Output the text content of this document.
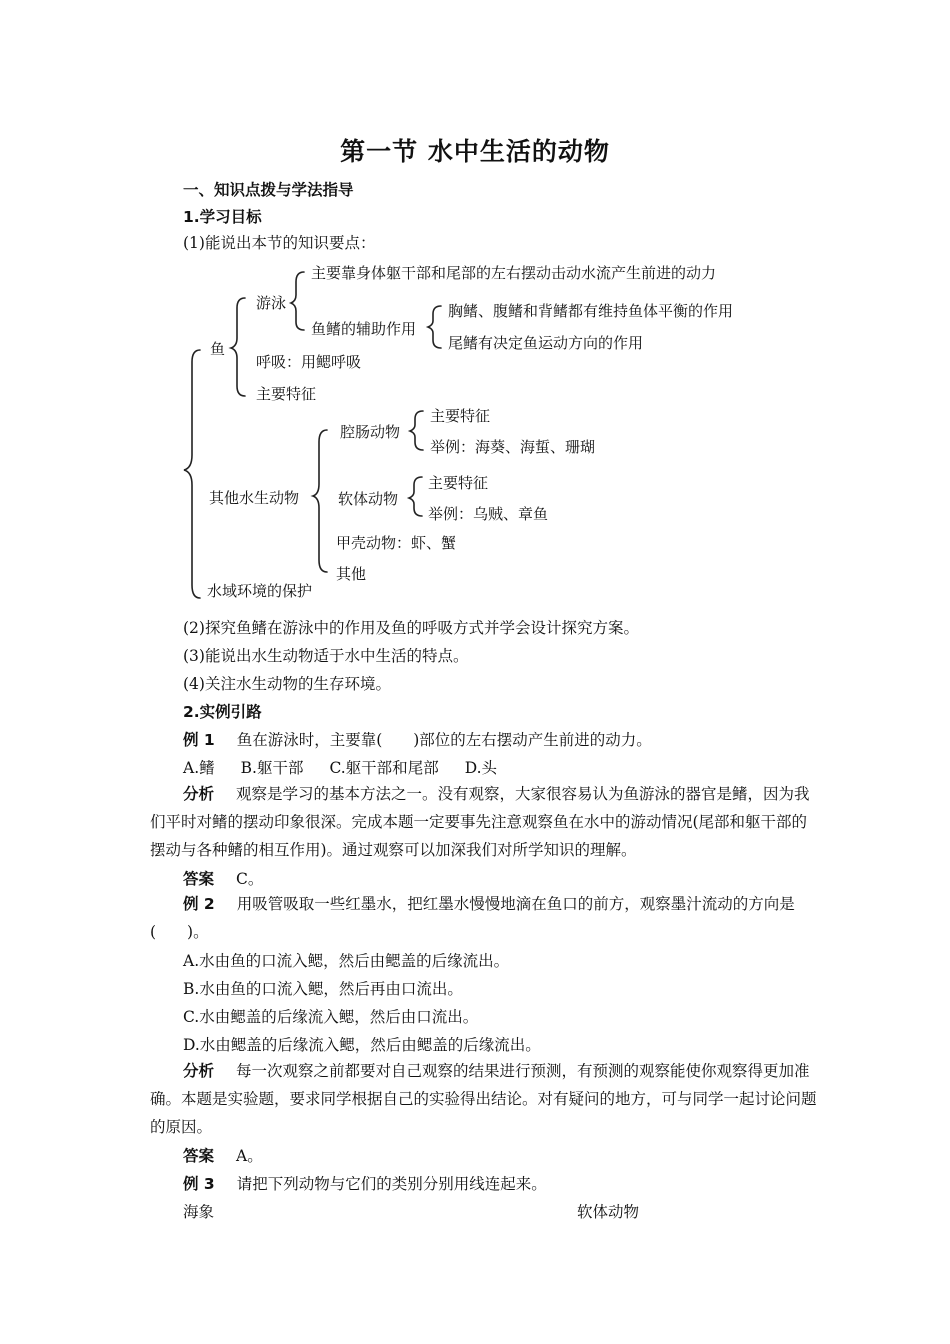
第一节 水中生活的动物
一、知识点拨与学法指导
1.学习目标
(1)能说出本节的知识要点：
鱼
游泳
主要靠身体躯干部和尾部的左右摆动击动水流产生前进的动力
鱼鳍的辅助作用
胸鳍、腹鳍和背鳍都有维持鱼体平衡的作用
尾鳍有决定鱼运动方向的作用
呼吸：用鳃呼吸
主要特征
其他水生动物
腔肠动物
主要特征
举例：海葵、海蜇、珊瑚
软体动物
主要特征
举例：乌贼、章鱼
甲壳动物：虾、蟹
其他
水域环境的保护
(2)探究鱼鳍在游泳中的作用及鱼的呼吸方式并学会设计探究方案。
(3)能说出水生动物适于水中生活的特点。
(4)关注水生动物的生存环境。
2.实例引路
例 1 鱼在游泳时，主要靠(　　)部位的左右摆动产生前进的动力。
A.鳍 B.躯干部 C.躯干部和尾部 D.头
分析 观察是学习的基本方法之一。没有观察，大家很容易认为鱼游泳的器官是鳍，因为我们平时对鳍的摆动印象很深。完成本题一定要事先注意观察鱼在水中的游动情况(尾部和躯干部的摆动与各种鳍的相互作用)。通过观察可以加深我们对所学知识的理解。
答案 C。
例 2 用吸管吸取一些红墨水，把红墨水慢慢地滴在鱼口的前方，观察墨汁流动的方向是(　　)。
A.水由鱼的口流入鳃，然后由鳃盖的后缘流出。
B.水由鱼的口流入鳃，然后再由口流出。
C.水由鳃盖的后缘流入鳃，然后由口流出。
D.水由鳃盖的后缘流入鳃，然后由鳃盖的后缘流出。
分析 每一次观察之前都要对自己观察的结果进行预测，有预测的观察能使你观察得更加准确。本题是实验题，要求同学根据自己的实验得出结论。对有疑问的地方，可与同学一起讨论问题的原因。
答案 A。
例 3 请把下列动物与它们的类别分别用线连起来。
海象	软体动物
